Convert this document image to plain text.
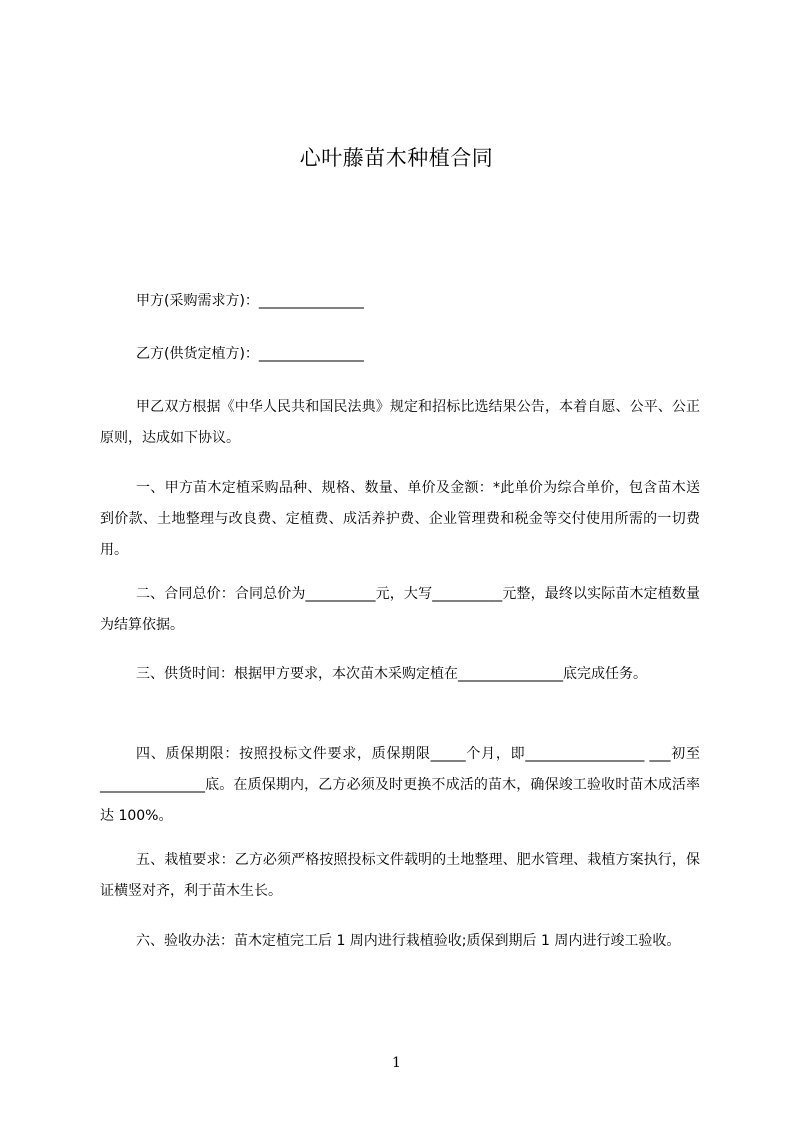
心叶藤苗木种植合同

甲方(采购需求方)：_______________

乙方(供货定植方)：_______________

甲乙双方根据《中华人民共和国民法典》规定和招标比选结果公告，本着自愿、公平、公正原则，达成如下协议。

一、甲方苗木定植采购品种、规格、数量、单价及金额：*此单价为综合单价，包含苗木送到价款、土地整理与改良费、定植费、成活养护费、企业管理费和税金等交付使用所需的一切费用。

二、合同总价：合同总价为__________元，大写__________元整，最终以实际苗木定植数量为结算依据。

三、供货时间：根据甲方要求，本次苗木采购定植在_______________底完成任务。

四、质保期限：按照投标文件要求，质保期限_____个月，即_________________ ___初至_______________底。在质保期内，乙方必须及时更换不成活的苗木，确保竣工验收时苗木成活率达 100%。

五、栽植要求：乙方必须严格按照投标文件载明的土地整理、肥水管理、栽植方案执行，保证横竖对齐，利于苗木生长。

六、验收办法：苗木定植完工后 1 周内进行栽植验收;质保到期后 1 周内进行竣工验收。

1
